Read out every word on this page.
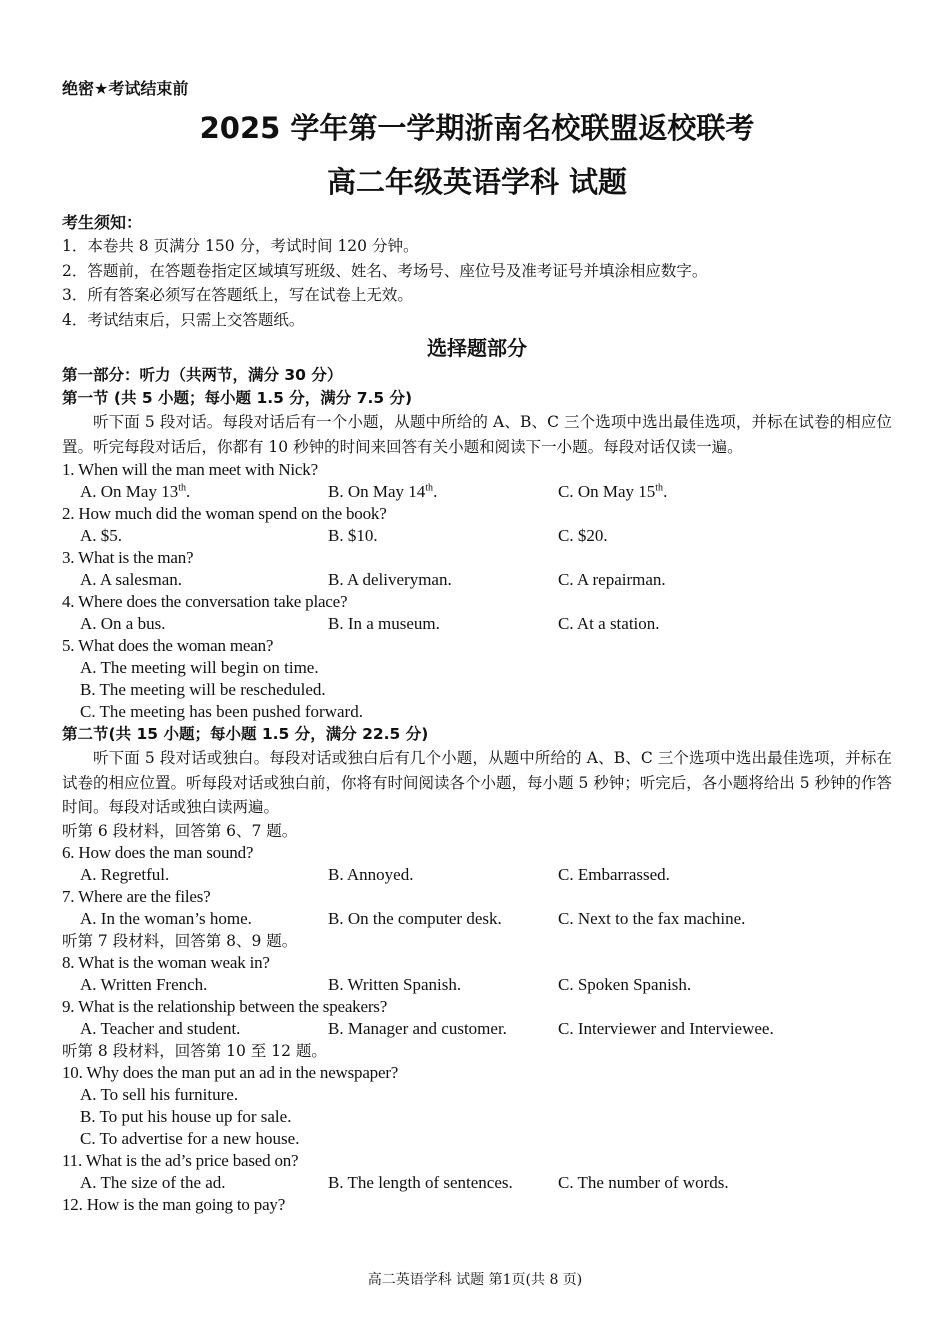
绝密★考试结束前
2025 学年第一学期浙南名校联盟返校联考
高二年级英语学科 试题
考生须知：
1．本卷共 8 页满分 150 分，考试时间 120 分钟。
2．答题前，在答题卷指定区域填写班级、姓名、考场号、座位号及准考证号并填涂相应数字。
3．所有答案必须写在答题纸上，写在试卷上无效。
4．考试结束后，只需上交答题纸。
选择题部分
第一部分：听力（共两节，满分 30 分）
第一节 (共 5 小题；每小题 1.5 分，满分 7.5 分)
听下面 5 段对话。每段对话后有一个小题，从题中所给的 A、B、C 三个选项中选出最佳选项，并标在试卷的相应位置。听完每段对话后，你都有 10 秒钟的时间来回答有关小题和阅读下一小题。每段对话仅读一遍。
1. When will the man meet with Nick?
A. On May 13th.	B. On May 14th.	C. On May 15th.
2. How much did the woman spend on the book?
A. $5.	B. $10.	C. $20.
3. What is the man?
A. A salesman.	B. A deliveryman.	C. A repairman.
4. Where does the conversation take place?
A. On a bus.	B. In a museum.	C. At a station.
5. What does the woman mean?
A. The meeting will begin on time.
B. The meeting will be rescheduled.
C. The meeting has been pushed forward.
第二节(共 15 小题；每小题 1.5 分，满分 22.5 分)
听下面 5 段对话或独白。每段对话或独白后有几个小题，从题中所给的 A、B、C 三个选项中选出最佳选项，并标在试卷的相应位置。听每段对话或独白前，你将有时间阅读各个小题，每小题 5 秒钟；听完后，各小题将给出 5 秒钟的作答时间。每段对话或独白读两遍。
听第 6 段材料，回答第 6、7 题。
6. How does the man sound?
A. Regretful.	B. Annoyed.	C. Embarrassed.
7. Where are the files?
A. In the woman’s home.	B. On the computer desk.	C. Next to the fax machine.
听第 7 段材料，回答第 8、9 题。
8. What is the woman weak in?
A. Written French.	B. Written Spanish.	C. Spoken Spanish.
9. What is the relationship between the speakers?
A. Teacher and student.	B. Manager and customer.	C. Interviewer and Interviewee.
听第 8 段材料，回答第 10 至 12 题。
10. Why does the man put an ad in the newspaper?
A. To sell his furniture.
B. To put his house up for sale.
C. To advertise for a new house.
11. What is the ad’s price based on?
A. The size of the ad.	B. The length of sentences.	C. The number of words.
12. How is the man going to pay?
高二英语学科 试题 第1页(共 8 页)
